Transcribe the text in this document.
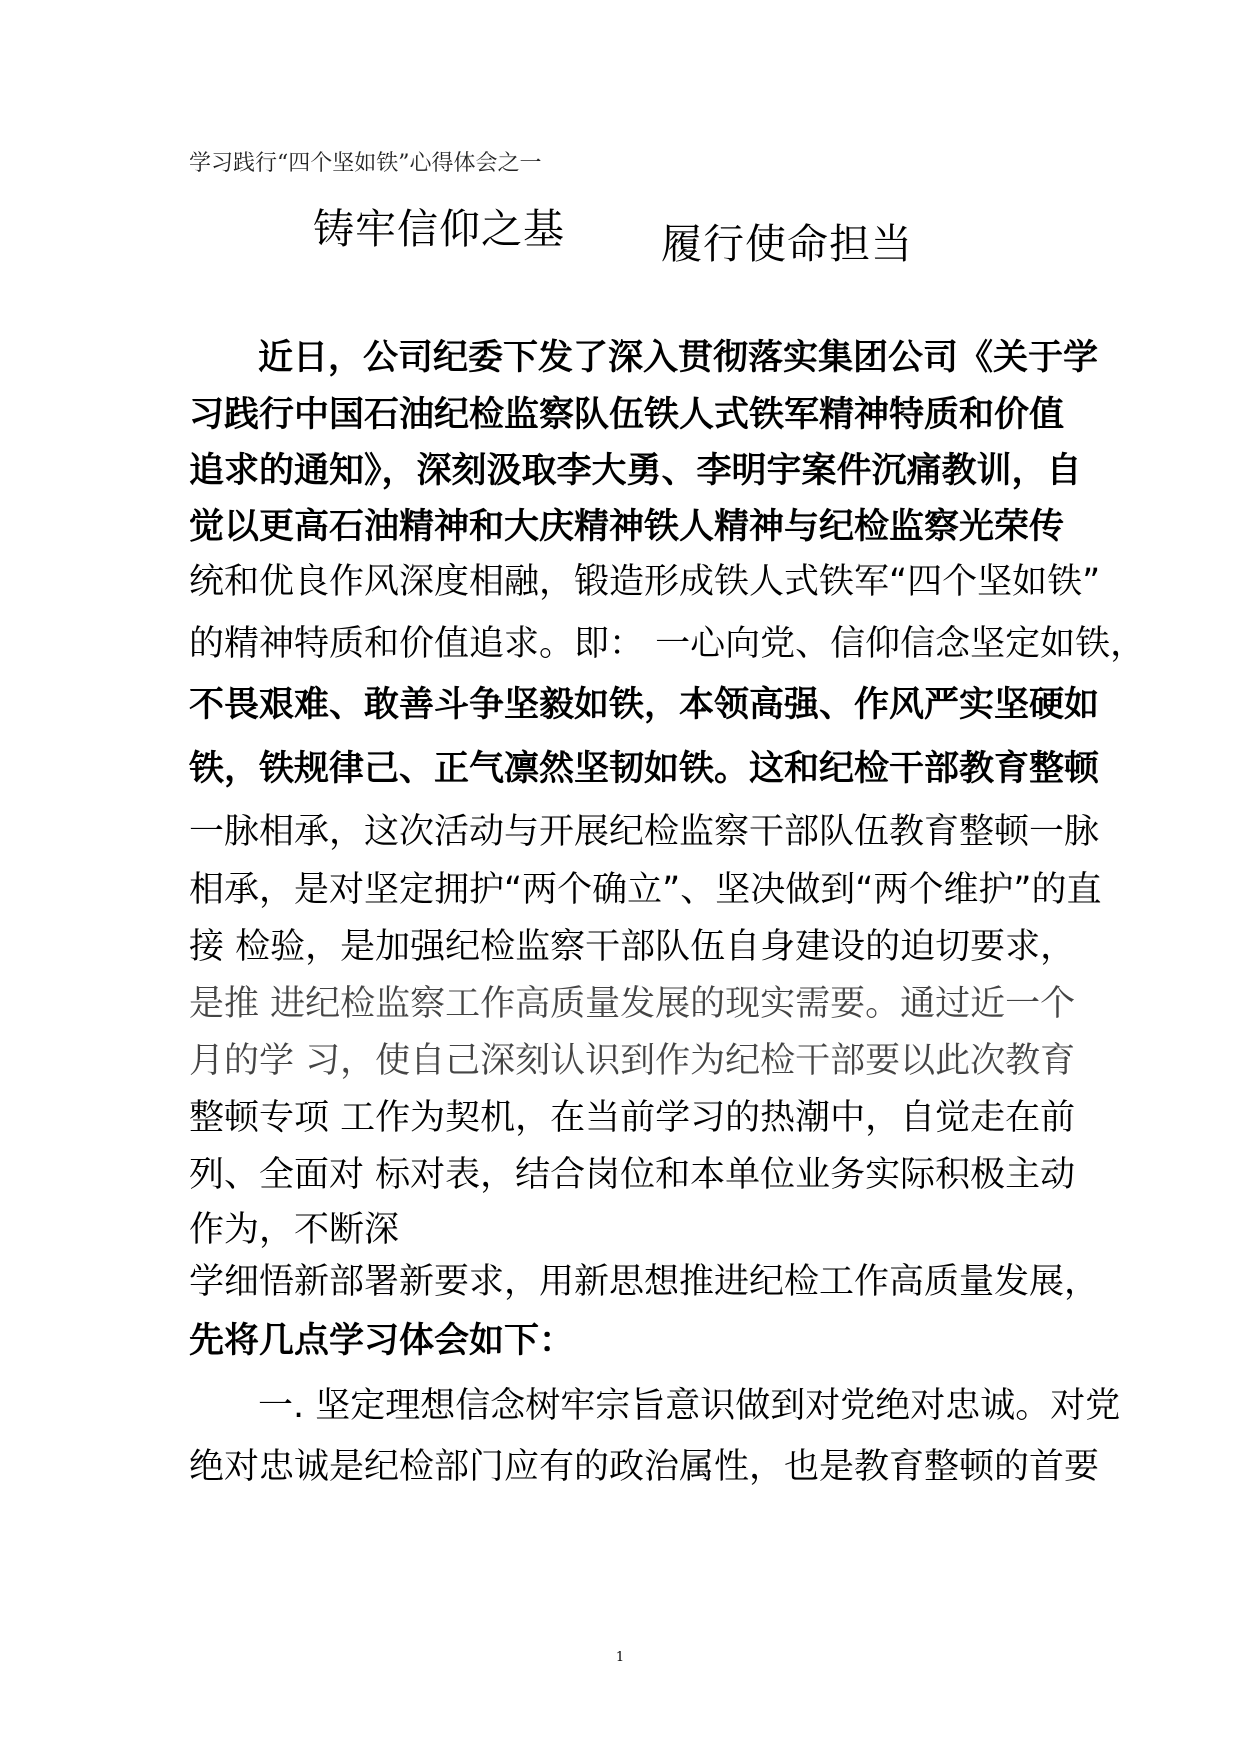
学习践行“四个坚如铁”心得体会之一
铸牢信仰之基 履行使命担当
近日，公司纪委下发了深入贯彻落实集团公司《关于学
习践行中国石油纪检监察队伍铁人式铁军精神特质和价值
追求的通知》，深刻汲取李大勇、李明宇案件沉痛教训，自
觉以更高石油精神和大庆精神铁人精神与纪检监察光荣传
统和优良作风深度相融，锻造形成铁人式铁军“四个坚如铁”
的精神特质和价值追求。即： 一心向党、信仰信念坚定如铁，
不畏艰难、敢善斗争坚毅如铁，本领高强、作风严实坚硬如
铁，铁规律己、正气凛然坚韧如铁。这和纪检干部教育整顿
一脉相承，这次活动与开展纪检监察干部队伍教育整顿一脉
相承，是对坚定拥护“两个确立”、坚决做到“两个维护”的直
接 检验，是加强纪检监察干部队伍自身建设的迫切要求，
是推 进纪检监察工作高质量发展的现实需要。通过近一个
月的学 习，使自己深刻认识到作为纪检干部要以此次教育
整顿专项 工作为契机，在当前学习的热潮中，自觉走在前
列、全面对 标对表，结合岗位和本单位业务实际积极主动
作为，不断深
学细悟新部署新要求，用新思想推进纪检工作高质量发展，
先将几点学习体会如下：
一. 坚定理想信念树牢宗旨意识做到对党绝对忠诚。对党
绝对忠诚是纪检部门应有的政治属性，也是教育整顿的首要
1
